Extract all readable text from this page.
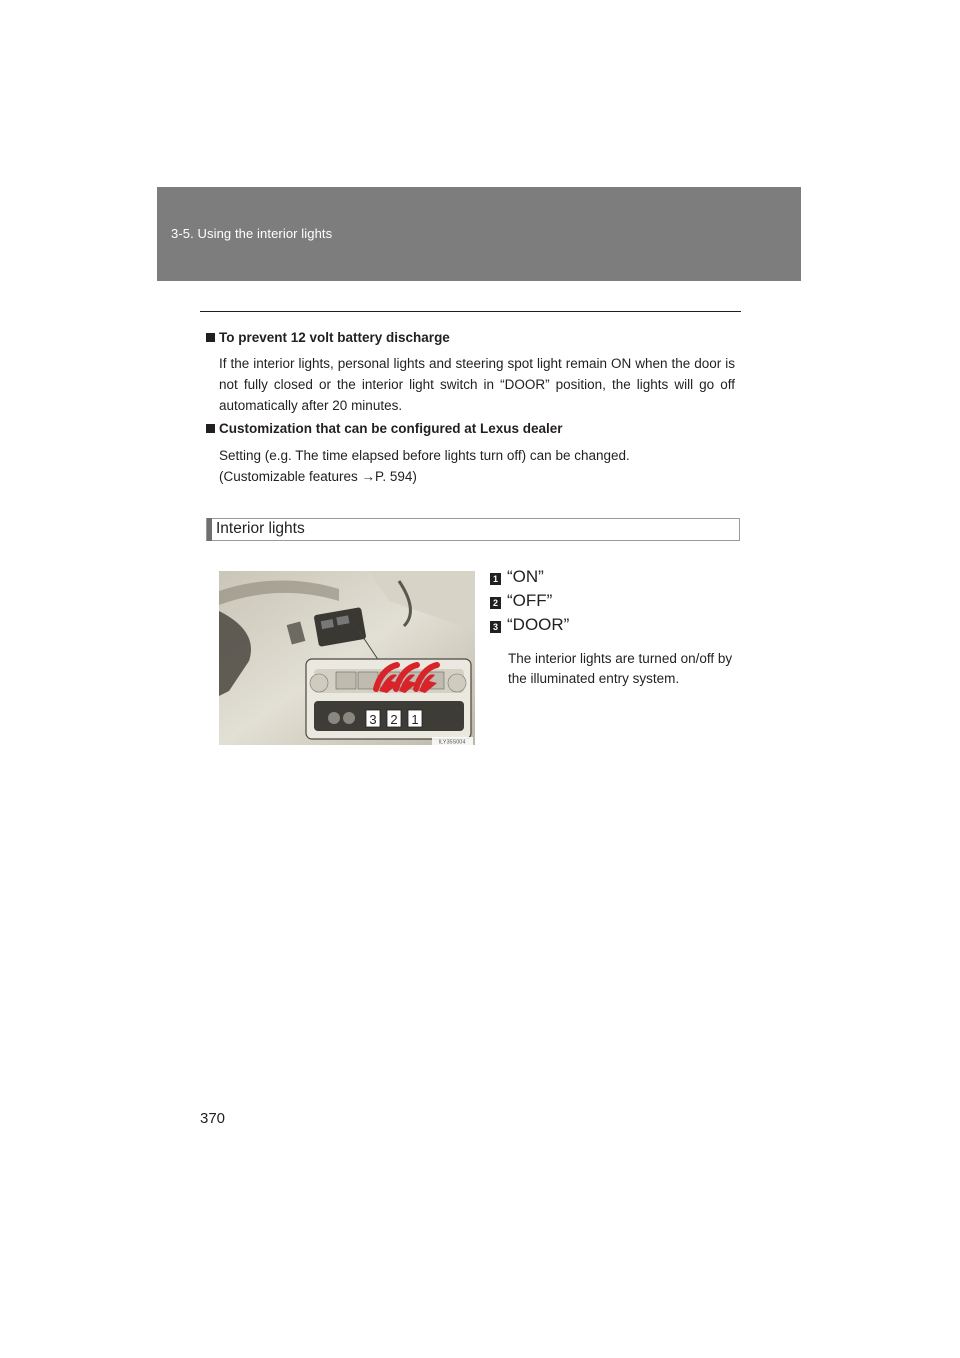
3-5. Using the interior lights
To prevent 12 volt battery discharge
If the interior lights, personal lights and steering spot light remain ON when the door is not fully closed or the interior light switch in “DOOR” position, the lights will go off automatically after 20 minutes.
Customization that can be configured at Lexus dealer
Setting (e.g. The time elapsed before lights turn off) can be changed.
(Customizable features →P. 594)
Interior lights
3 2 1
ILY35S004
1 “ON”
2 “OFF”
3 “DOOR”
The interior lights are turned on/off by the illuminated entry system.
370
